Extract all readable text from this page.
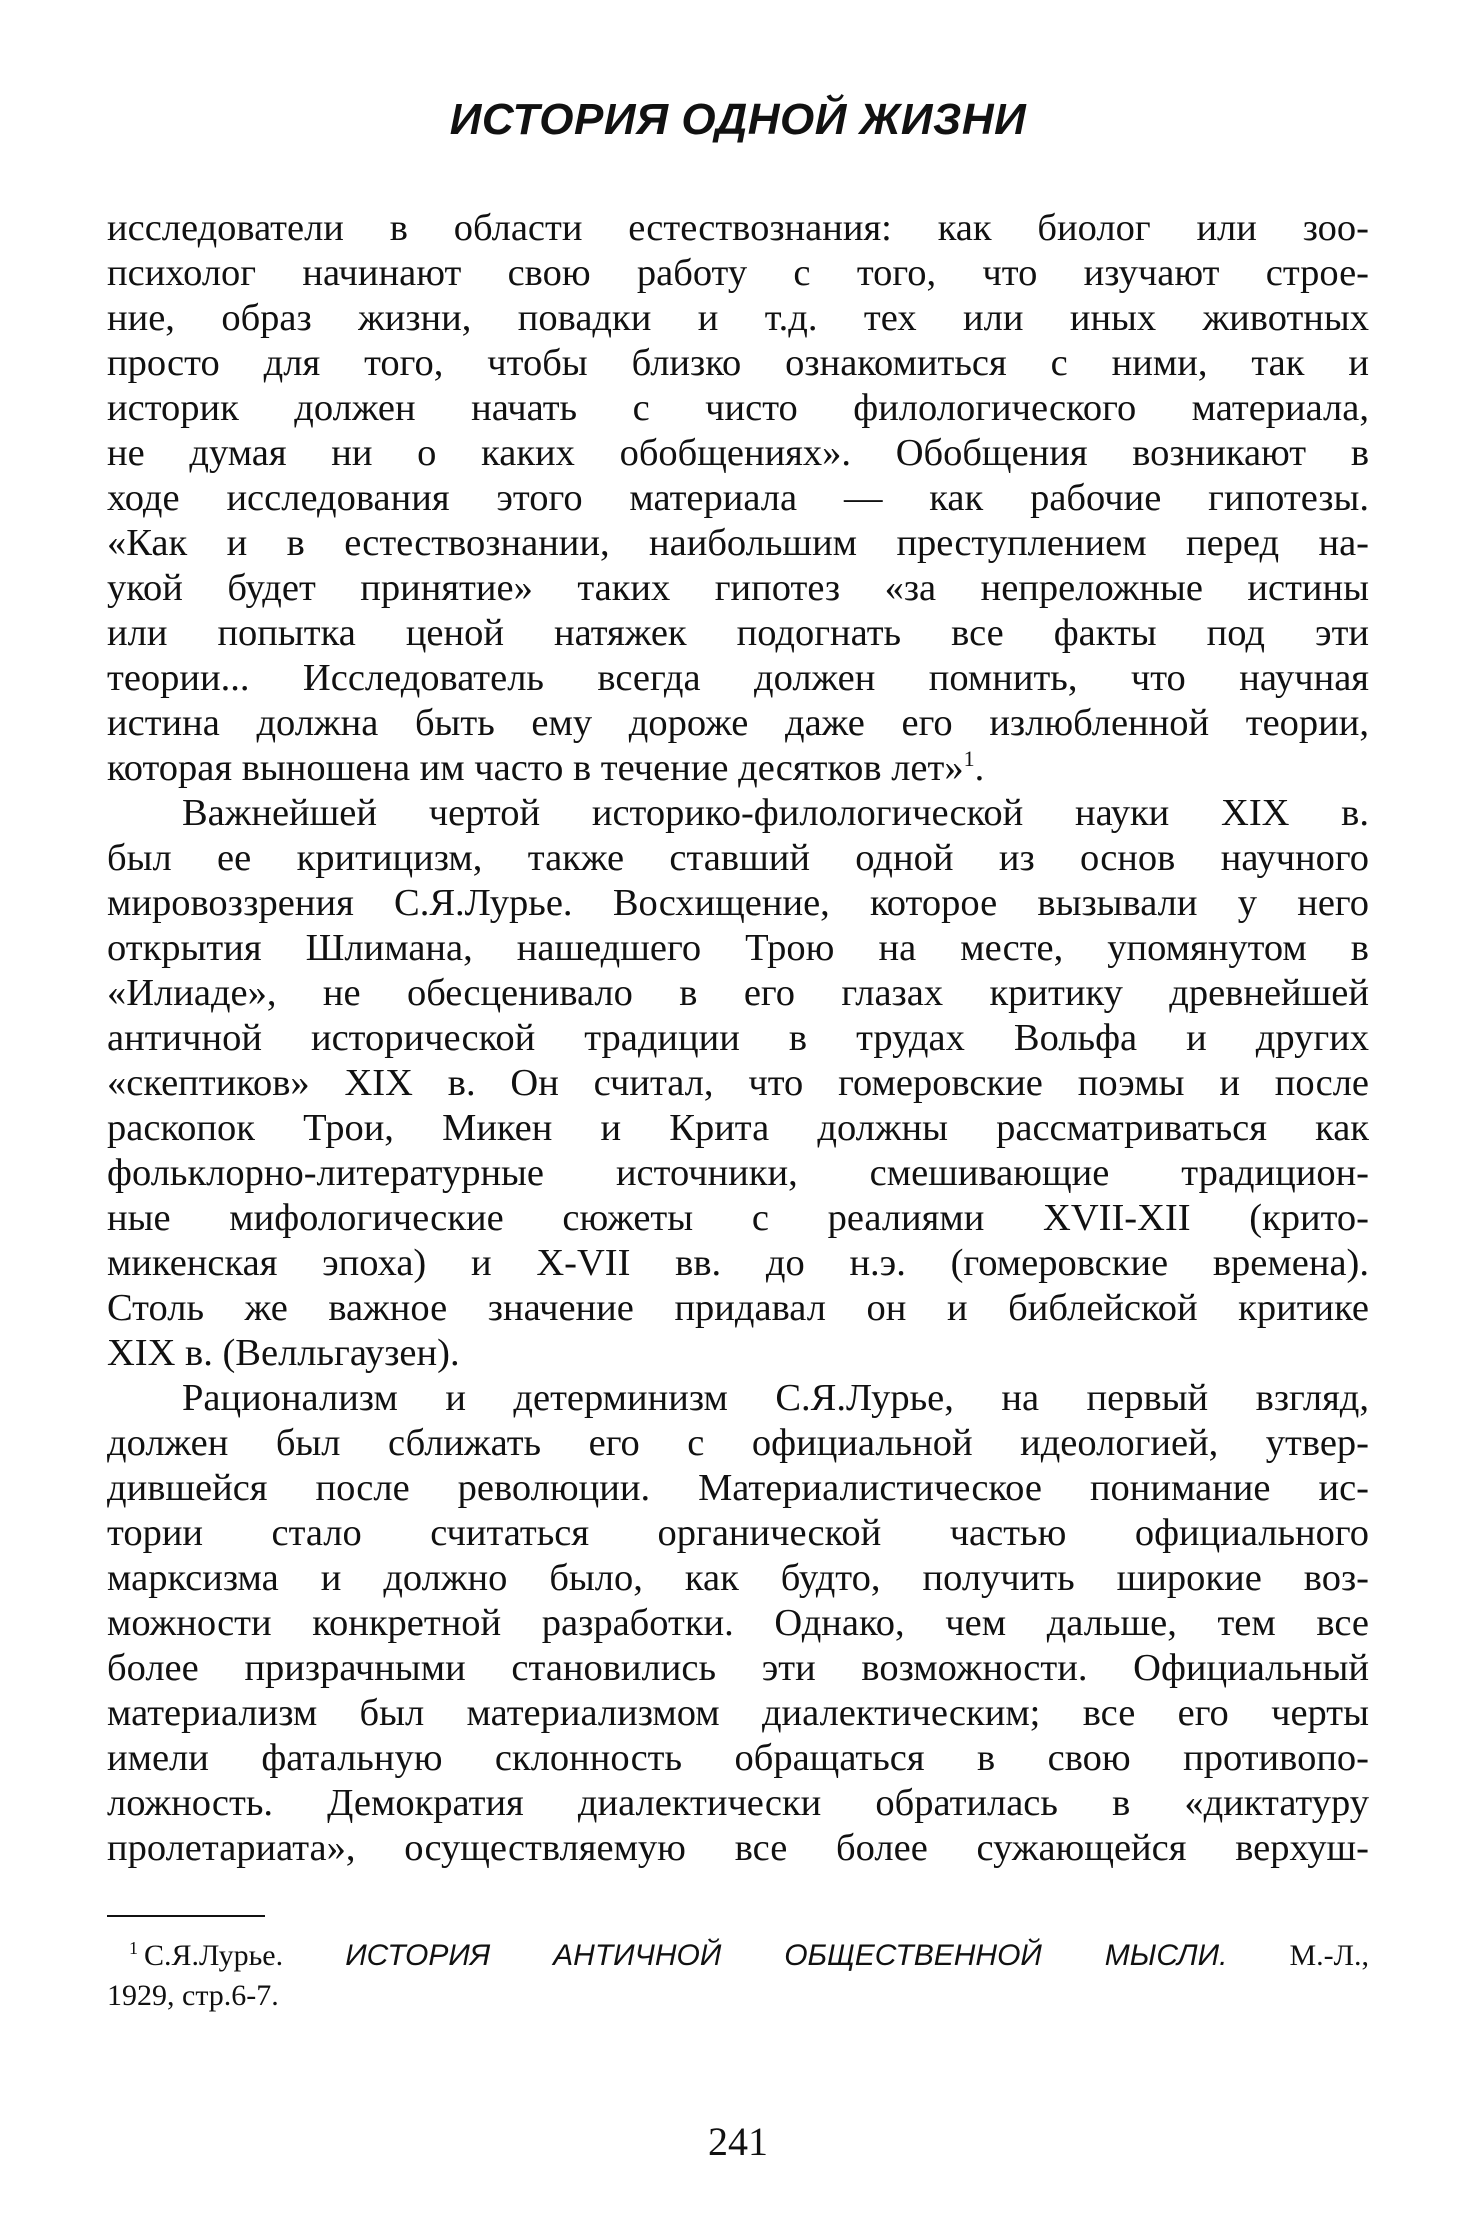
ИСТОРИЯ ОДНОЙ ЖИЗНИ
исследователи в области естествознания: как биолог или зоо-
психолог начинают свою работу с того, что изучают строе-
ние, образ жизни, повадки и т.д. тех или иных животных
просто для того, чтобы близко ознакомиться с ними, так и
историк должен начать с чисто филологического материала,
не думая ни о каких обобщениях». Обобщения возникают в
ходе исследования этого материала — как рабочие гипотезы.
«Как и в естествознании, наибольшим преступлением перед на-
укой будет принятие» таких гипотез «за непреложные истины
или попытка ценой натяжек подогнать все факты под эти
теории... Исследователь всегда должен помнить, что научная
истина должна быть ему дороже даже его излюбленной теории,
которая выношена им часто в течение десятков лет»$^1$.
Важнейшей чертой историко-филологической науки XIX в.
был ее критицизм, также ставший одной из основ научного
мировоззрения С.Я.Лурье. Восхищение, которое вызывали у него
открытия Шлимана, нашедшего Трою на месте, упомянутом в
«Илиаде», не обесценивало в его глазах критику древнейшей
античной исторической традиции в трудах Вольфа и других
«скептиков» XIX в. Он считал, что гомеровские поэмы и после
раскопок Трои, Микен и Крита должны рассматриваться как
фольклорно-литературные источники, смешивающие традицион-
ные мифологические сюжеты с реалиями XVII-XII (крито-
микенская эпоха) и X-VII вв. до н.э. (гомеровские времена).
Столь же важное значение придавал он и библейской критике
XIX в. (Велльгаузен).
Рационализм и детерминизм С.Я.Лурье, на первый взгляд,
должен был сближать его с официальной идеологией, утвер-
дившейся после революции. Материалистическое понимание ис-
тории стало считаться органической частью официального
марксизма и должно было, как будто, получить широкие воз-
можности конкретной разработки. Однако, чем дальше, тем все
более призрачными становились эти возможности. Официальный
материализм был материализмом диалектическим; все его черты
имели фатальную склонность обращаться в свою противопо-
ложность. Демократия диалектически обратилась в «диктатуру
пролетариата», осуществляемую все более сужающейся верхуш-
$^1$ С.Я.Лурье. ИСТОРИЯ АНТИЧНОЙ ОБЩЕСТВЕННОЙ МЫСЛИ. М.-Л.,
1929, стр.6-7.
241
